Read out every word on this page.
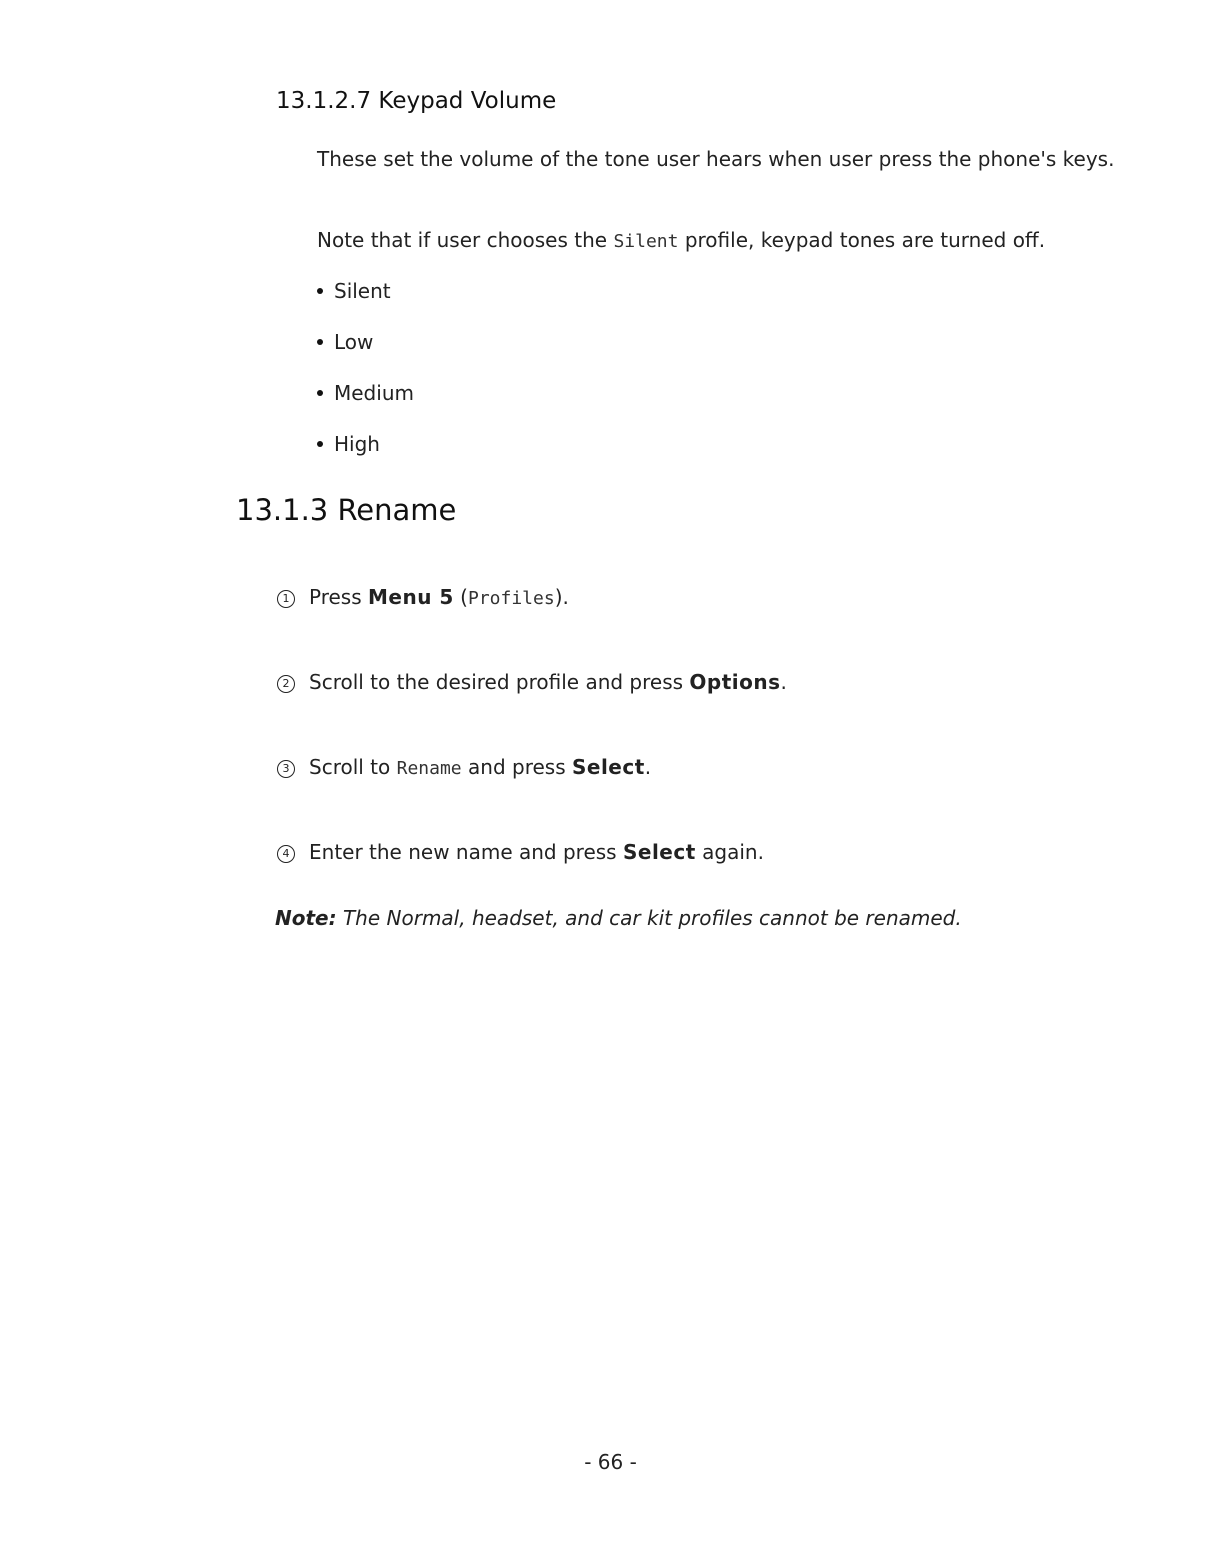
13.1.2.7 Keypad Volume

These set the volume of the tone user hears when user press the phone's keys.

Note that if user chooses the Silent profile, keypad tones are turned off.

Silent
Low
Medium
High
13.1.3 Rename
1 Press Menu 5 (Profiles).
2 Scroll to the desired profile and press Options.
3 Scroll to Rename and press Select.
4 Enter the new name and press Select again.
Note: The Normal, headset, and car kit profiles cannot be renamed.
- 66 -
